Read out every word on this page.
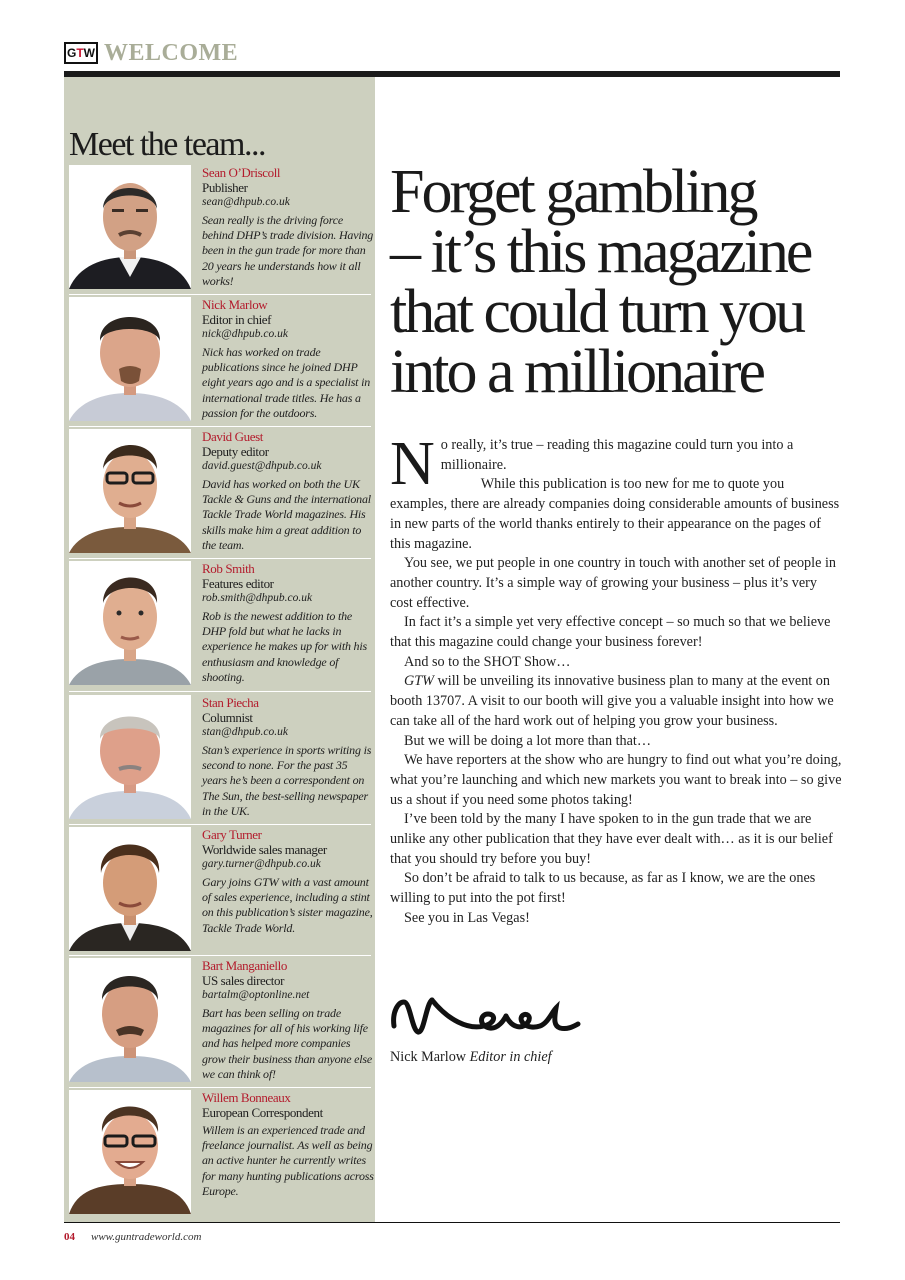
G T W WELCOME
Meet the team...
Sean O’Driscoll
Publisher
sean@dhpub.co.uk
Sean really is the driving force behind DHP’s trade division. Having been in the gun trade for more than 20 years he understands how it all works!
Nick Marlow
Editor in chief
nick@dhpub.co.uk
Nick has worked on trade publications since he joined DHP eight years ago and is a specialist in international trade titles. He has a passion for the outdoors.
David Guest
Deputy editor
david.guest@dhpub.co.uk
David has worked on both the UK Tackle & Guns and the international Tackle Trade World magazines. His skills make him a great addition to the team.
Rob Smith
Features editor
rob.smith@dhpub.co.uk
Rob is the newest addition to the DHP fold but what he lacks in experience he makes up for with his enthusiasm and knowledge of shooting.
Stan Piecha
Columnist
stan@dhpub.co.uk
Stan’s experience in sports writing is second to none. For the past 35 years he’s been a correspondent on The Sun, the best-selling newspaper in the UK.
Gary Turner
Worldwide sales manager
gary.turner@dhpub.co.uk
Gary joins GTW with a vast amount of sales experience, including a stint on this publication’s sister magazine, Tackle Trade World.
Bart Manganiello
US sales director
bartalm@optonline.net
Bart has been selling on trade magazines for all of his working life and has helped more companies grow their business than anyone else we can think of!
Willem Bonneaux
European Correspondent
Willem is an experienced trade and freelance journalist. As well as being an active hunter he currently writes for many hunting publications across Europe.
Forget gambling
– it’s this magazine
that could turn you
into a millionaire

N o really, it’s true – reading this magazine could turn you into a millionaire.
While this publication is too new for me to quote you examples, there are already companies doing considerable amounts of business in new parts of the world thanks entirely to their appearance on the pages of this magazine.

You see, we put people in one country in touch with another set of people in another country. It’s a simple way of growing your business – plus it’s very cost effective.

In fact it’s a simple yet very effective concept – so much so that we believe that this magazine could change your business forever!

And so to the SHOT Show…

GTW will be unveiling its innovative business plan to many at the event on booth 13707. A visit to our booth will give you a valuable insight into how we can take all of the hard work out of helping you grow your business.

But we will be doing a lot more than that…

We have reporters at the show who are hungry to find out what you’re doing, what you’re launching and which new markets you want to break into – so give us a shout if you need some photos taking!

I’ve been told by the many I have spoken to in the gun trade that we are unlike any other publication that they have ever dealt with… as it is our belief that you should try before you buy!

So don’t be afraid to talk to us because, as far as I know, we are the ones willing to put into the pot first!

See you in Las Vegas!

Nick Marlow Editor in chief
04 www.guntradeworld.com
